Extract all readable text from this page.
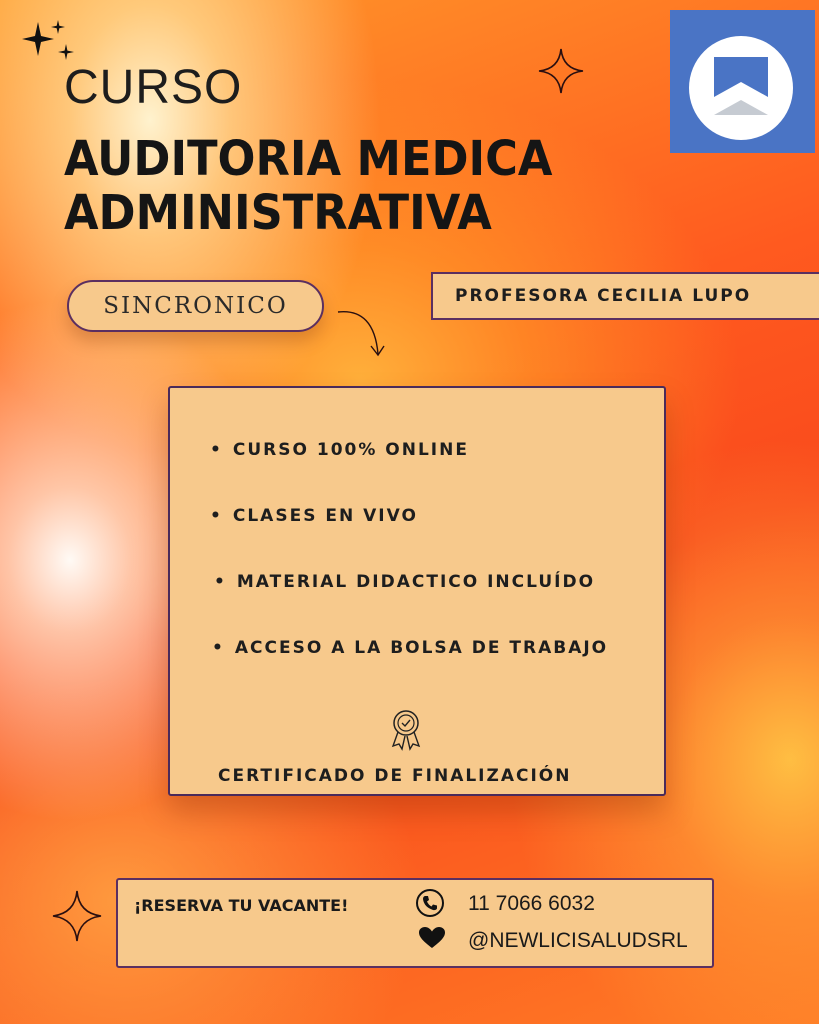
CURSO
AUDITORIA MEDICA
ADMINISTRATIVA
SINCRONICO	PROFESORA CECILIA LUPO

• CURSO 100% ONLINE

• CLASES EN VIVO

• MATERIAL DIDACTICO INCLUÍDO

• ACCESO A LA BOLSA DE TRABAJO

CERTIFICADO DE FINALIZACIÓN

¡RESERVA TU VACANTE!	11 7066 6032

@NEWLICISALUDSRL
